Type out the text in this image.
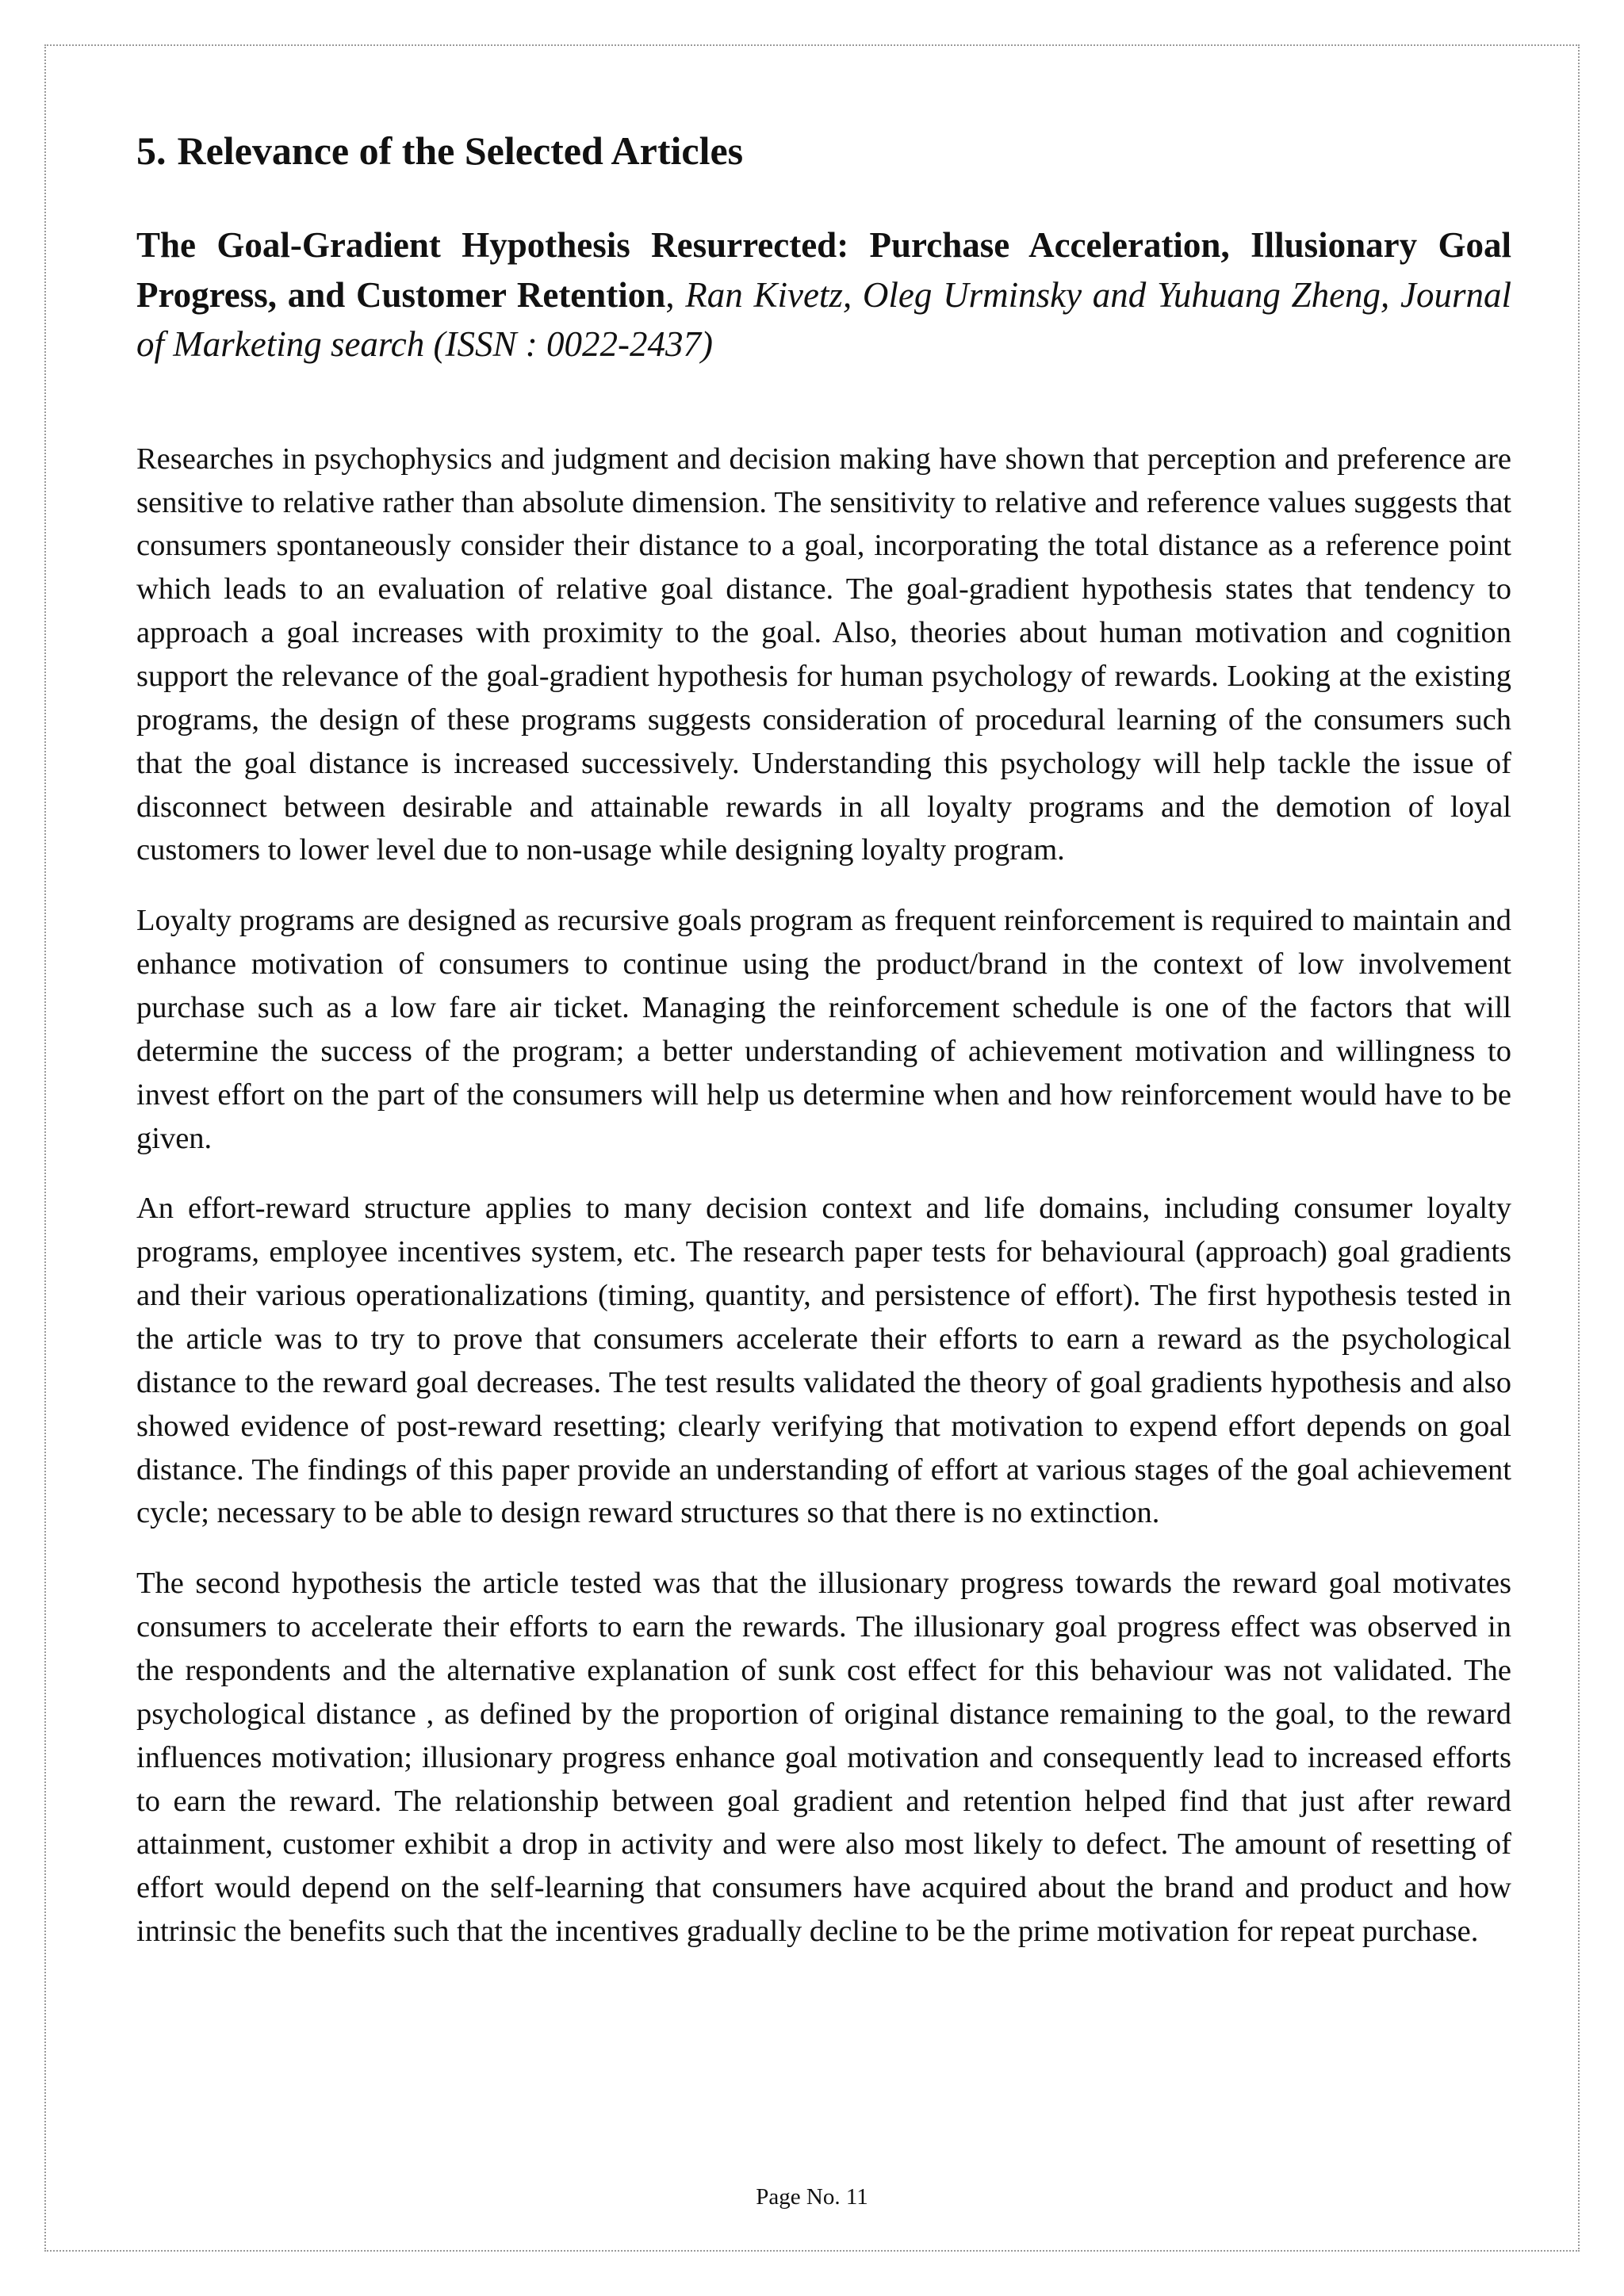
5. Relevance of the Selected Articles

The Goal-Gradient Hypothesis Resurrected: Purchase Acceleration, Illusionary Goal Progress, and Customer Retention, Ran Kivetz, Oleg Urminsky and Yuhuang Zheng, Journal of Marketing search (ISSN : 0022-2437)

Researches in psychophysics and judgment and decision making have shown that perception and preference are sensitive to relative rather than absolute dimension. The sensitivity to relative and reference values suggests that consumers spontaneously consider their distance to a goal, incorporating the total distance as a reference point which leads to an evaluation of relative goal distance. The goal-gradient hypothesis states that tendency to approach a goal increases with proximity to the goal. Also, theories about human motivation and cognition support the relevance of the goal-gradient hypothesis for human psychology of rewards. Looking at the existing programs, the design of these programs suggests consideration of procedural learning of the consumers such that the goal distance is increased successively. Understanding this psychology will help tackle the issue of disconnect between desirable and attainable rewards in all loyalty programs and the demotion of loyal customers to lower level due to non-usage while designing loyalty program.

Loyalty programs are designed as recursive goals program as frequent reinforcement is required to maintain and enhance motivation of consumers to continue using the product/brand in the context of low involvement purchase such as a low fare air ticket. Managing the reinforcement schedule is one of the factors that will determine the success of the program; a better understanding of achievement motivation and willingness to invest effort on the part of the consumers will help us determine when and how reinforcement would have to be given.

An effort-reward structure applies to many decision context and life domains, including consumer loyalty programs, employee incentives system, etc. The research paper tests for behavioural (approach) goal gradients and their various operationalizations (timing, quantity, and persistence of effort). The first hypothesis tested in the article was to try to prove that consumers accelerate their efforts to earn a reward as the psychological distance to the reward goal decreases. The test results validated the theory of goal gradients hypothesis and also showed evidence of post-reward resetting; clearly verifying that motivation to expend effort depends on goal distance. The findings of this paper provide an understanding of effort at various stages of the goal achievement cycle; necessary to be able to design reward structures so that there is no extinction.

The second hypothesis the article tested was that the illusionary progress towards the reward goal motivates consumers to accelerate their efforts to earn the rewards. The illusionary goal progress effect was observed in the respondents and the alternative explanation of sunk cost effect for this behaviour was not validated. The psychological distance , as defined by the proportion of original distance remaining to the goal, to the reward influences motivation; illusionary progress enhance goal motivation and consequently lead to increased efforts to earn the reward. The relationship between goal gradient and retention helped find that just after reward attainment, customer exhibit a drop in activity and were also most likely to defect. The amount of resetting of effort would depend on the self-learning that consumers have acquired about the brand and product and how intrinsic the benefits such that the incentives gradually decline to be the prime motivation for repeat purchase.

Page No. 11
